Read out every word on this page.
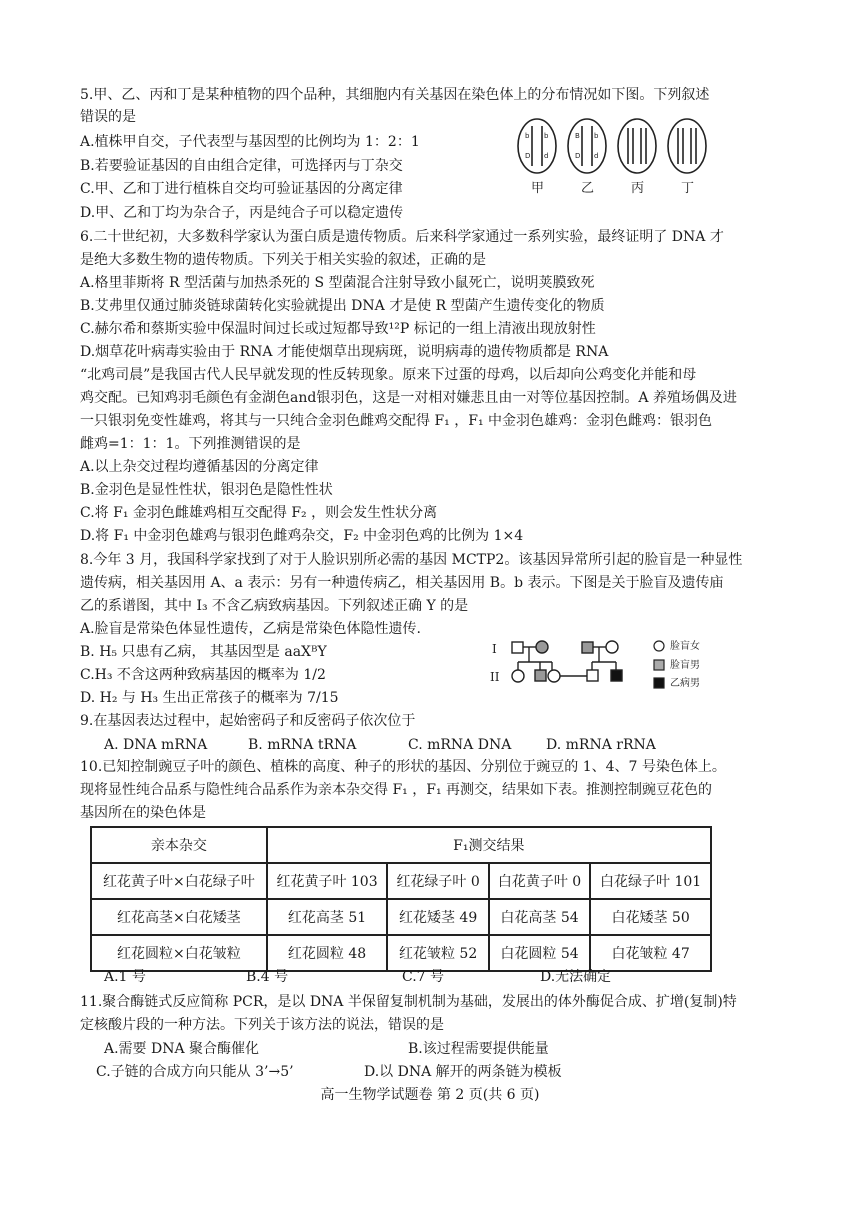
5.甲、乙、丙和丁是某种植物的四个品种，其细胞内有关基因在染色体上的分布情况如下图。下列叙述
错误的是
A.植株甲自交，子代表型与基因型的比例均为 1：2：1
B.若要验证基因的自由组合定律，可选择丙与丁杂交
C.甲、乙和丁进行植株自交均可验证基因的分离定律
D.甲、乙和丁均为杂合子，丙是纯合子可以稳定遗传
b b
D d
B b
D d
甲	乙	丙	丁
6.二十世纪初，大多数科学家认为蛋白质是遗传物质。后来科学家通过一系列实验，最终证明了 DNA 才
是绝大多数生物的遗传物质。下列关于相关实验的叙述，正确的是
A.格里菲斯将 R 型活菌与加热杀死的 S 型菌混合注射导致小鼠死亡，说明荚膜致死
B.艾弗里仅通过肺炎链球菌转化实验就提出 DNA 才是使 R 型菌产生遗传变化的物质
C.赫尔希和蔡斯实验中保温时间过长或过短都导致¹²P 标记的一组上清液出现放射性
D.烟草花叶病毒实验由于 RNA 才能使烟草出现病斑，说明病毒的遗传物质都是 RNA
“北鸡司晨”是我国古代人民早就发现的性反转现象。原来下过蛋的母鸡，以后却向公鸡变化并能和母
鸡交配。已知鸡羽毛颜色有金湖色and银羽色，这是一对相对嫌悲且由一对等位基因控制。A 养殖场偶及进
一只银羽免变性雄鸡，将其与一只纯合金羽色雌鸡交配得 F₁ ，F₁ 中金羽色雄鸡：金羽色雌鸡：银羽色
雌鸡=1：1：1。下列推测错误的是
A.以上杂交过程均遵循基因的分离定律
B.金羽色是显性性状，银羽色是隐性性状
C.将 F₁ 金羽色雌雄鸡相互交配得 F₂ ，则会发生性状分离
D.将 F₁ 中金羽色雄鸡与银羽色雌鸡杂交，F₂ 中金羽色鸡的比例为 1×4
8.今年 3 月，我国科学家找到了对于人脸识别所必需的基因 MCTP2。该基因异常所引起的脸盲是一种显性
遗传病，相关基因用 A、a 表示：另有一种遗传病乙，相关基因用 B。b 表示。下图是关于脸盲及遗传庙
乙的系谱图，其中 I₃ 不含乙病致病基因。下列叙述正确 Y 的是
A.脸盲是常染色体显性遗传，乙病是常染色体隐性遗传.
B. H₅ 只患有乙病， 其基因型是 aaXᴮY
C.H₃ 不含这两种致病基因的概率为 1/2
D. H₂ 与 H₃ 生出正常孩子的概率为 7/15
I
II
脸盲女
脸盲男
乙病男
9.在基因表达过程中，起始密码子和反密码子依次位于
A. DNA mRNA	B. mRNA tRNA	C. mRNA DNA D. mRNA rRNA
10.已知控制豌豆子叶的颜色、植株的高度、种子的形状的基因、分别位于豌豆的 1、4、7 号染色体上。
现将显性纯合品系与隐性纯合品系作为亲本杂交得 F₁ ，F₁ 再测交，结果如下表。推测控制豌豆花色的
基因所在的染色体是
亲本杂交	F₁测交结果			
红花黄子叶×白花绿子叶	红花黄子叶 103	红花绿子叶 0	白花黄子叶 0	白花绿子叶 101
红花高茎×白花矮茎	红花高茎 51	红花矮茎 49	白花高茎 54	白花矮茎 50
红花圆粒×白花皱粒	红花圆粒 48	红花皱粒 52	白花圆粒 54	白花皱粒 47
A.1 号	B.4 号	C.7 号	D.无法确定
11.聚合酶链式反应简称 PCR，是以 DNA 半保留复制机制为基础，发展出的体外酶促合成、扩增(复制)特
定核酸片段的一种方法。下列关于该方法的说法，错误的是
A.需要 DNA 聚合酶催化	B.该过程需要提供能量
C.子链的合成方向只能从 3’→5’	D.以 DNA 解开的两条链为模板
高一生物学试题卷 第 2 页(共 6 页)
